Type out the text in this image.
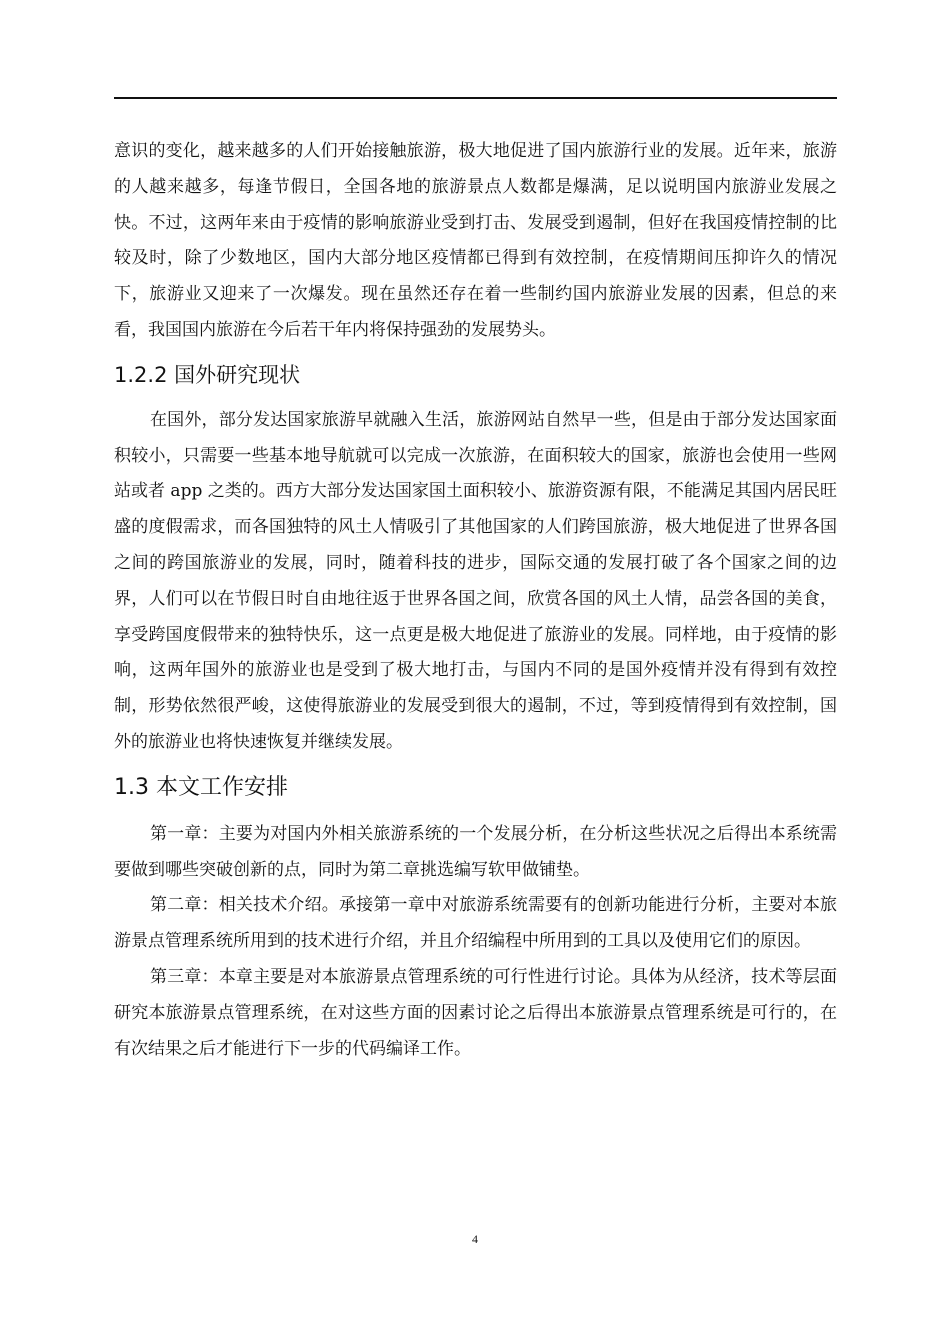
意识的变化，越来越多的人们开始接触旅游，极大地促进了国内旅游行业的发展。近年来，旅游的人越来越多，每逢节假日，全国各地的旅游景点人数都是爆满，足以说明国内旅游业发展之快。不过，这两年来由于疫情的影响旅游业受到打击、发展受到遏制，但好在我国疫情控制的比较及时，除了少数地区，国内大部分地区疫情都已得到有效控制，在疫情期间压抑许久的情况下，旅游业又迎来了一次爆发。现在虽然还存在着一些制约国内旅游业发展的因素，但总的来看，我国国内旅游在今后若干年内将保持强劲的发展势头。

1.2.2 国外研究现状

在国外，部分发达国家旅游早就融入生活，旅游网站自然早一些，但是由于部分发达国家面积较小，只需要一些基本地导航就可以完成一次旅游，在面积较大的国家，旅游也会使用一些网站或者 app 之类的。西方大部分发达国家国土面积较小、旅游资源有限，不能满足其国内居民旺盛的度假需求，而各国独特的风土人情吸引了其他国家的人们跨国旅游，极大地促进了世界各国之间的跨国旅游业的发展，同时，随着科技的进步，国际交通的发展打破了各个国家之间的边界，人们可以在节假日时自由地往返于世界各国之间，欣赏各国的风土人情，品尝各国的美食，享受跨国度假带来的独特快乐，这一点更是极大地促进了旅游业的发展。同样地，由于疫情的影响，这两年国外的旅游业也是受到了极大地打击，与国内不同的是国外疫情并没有得到有效控制，形势依然很严峻，这使得旅游业的发展受到很大的遏制，不过，等到疫情得到有效控制，国外的旅游业也将快速恢复并继续发展。

1.3 本文工作安排

第一章：主要为对国内外相关旅游系统的一个发展分析，在分析这些状况之后得出本系统需要做到哪些突破创新的点，同时为第二章挑选编写软甲做铺垫。

第二章：相关技术介绍。承接第一章中对旅游系统需要有的创新功能进行分析，主要对本旅游景点管理系统所用到的技术进行介绍，并且介绍编程中所用到的工具以及使用它们的原因。

第三章：本章主要是对本旅游景点管理系统的可行性进行讨论。具体为从经济，技术等层面研究本旅游景点管理系统，在对这些方面的因素讨论之后得出本旅游景点管理系统是可行的，在有次结果之后才能进行下一步的代码编译工作。

4
